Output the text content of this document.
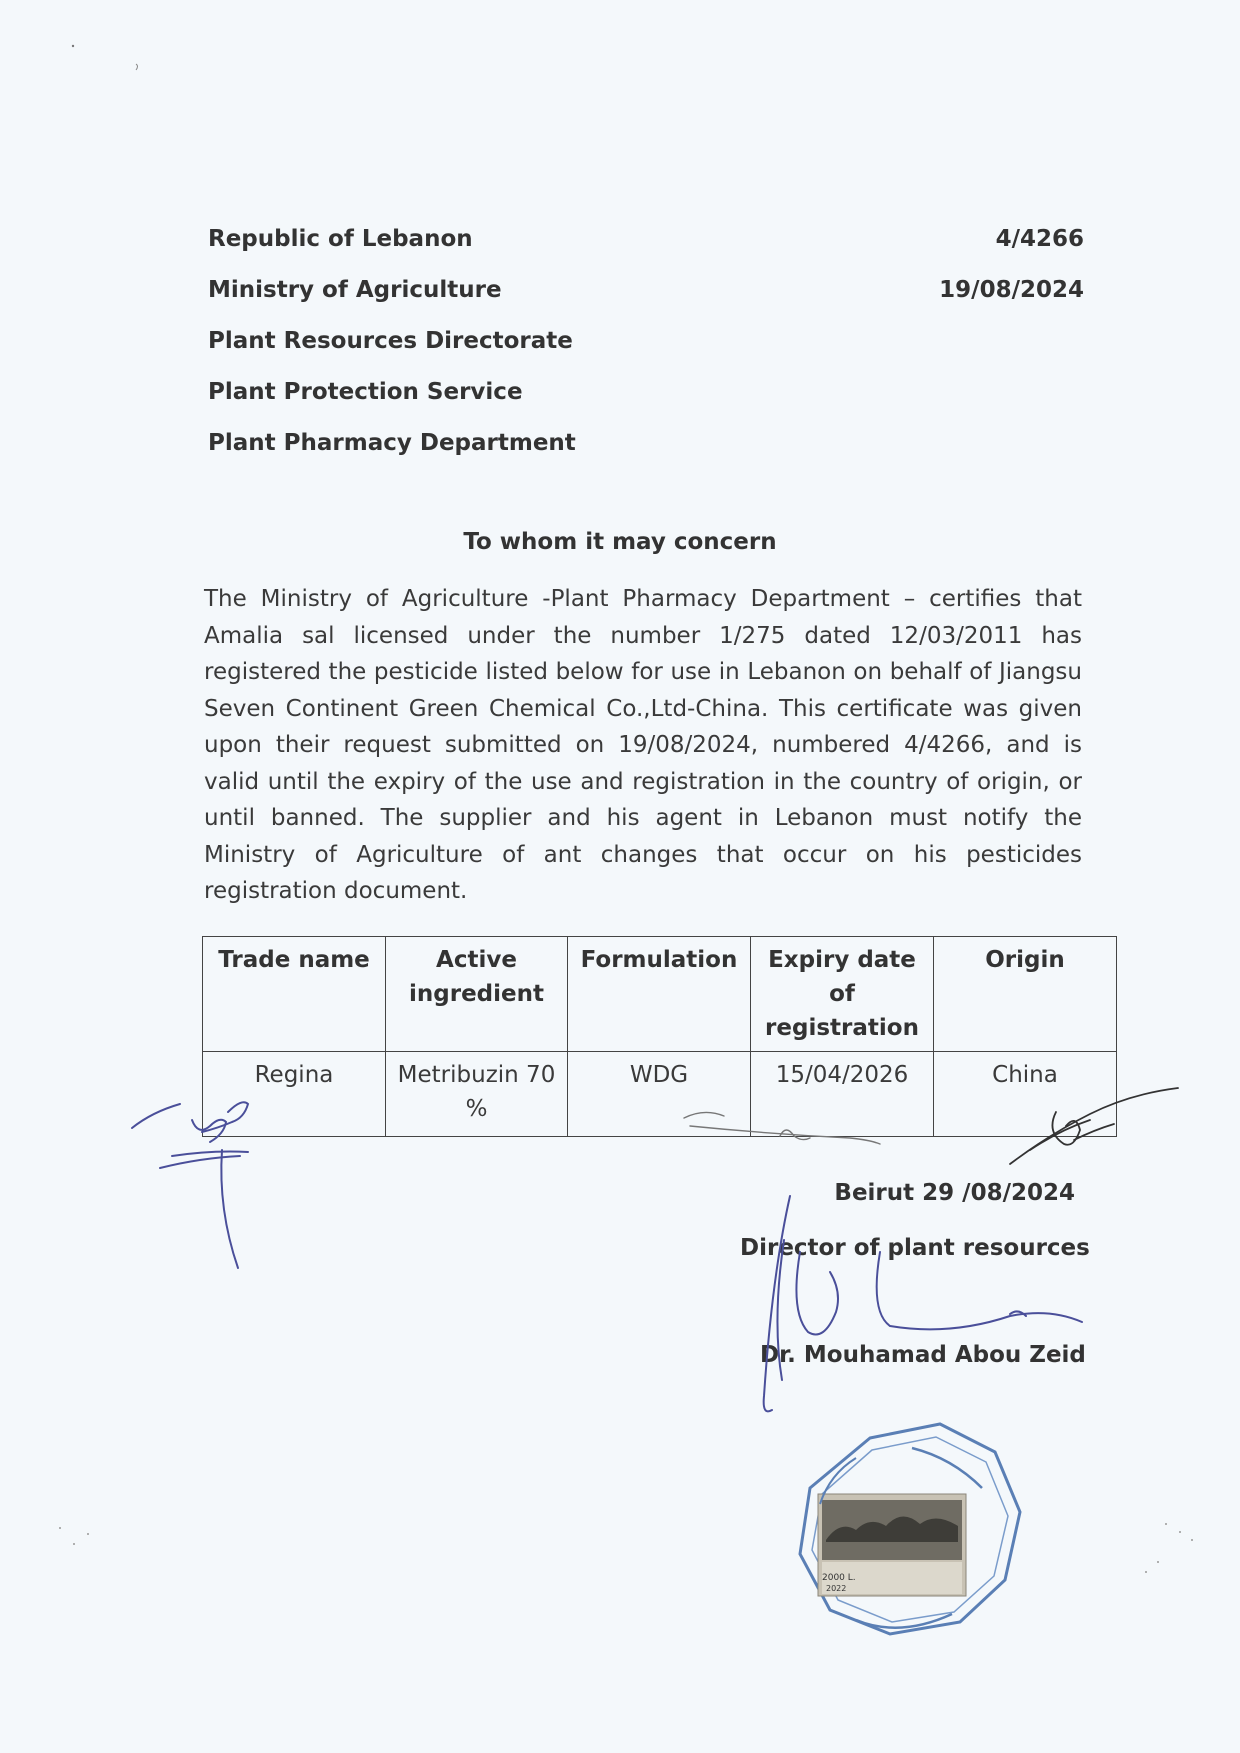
Republic of Lebanon
Ministry of Agriculture
Plant Resources Directorate
Plant Protection Service
Plant Pharmacy Department
4/4266
19/08/2024
To whom it may concern
The Ministry of Agriculture -Plant Pharmacy Department – certifies that Amalia sal licensed under the number 1/275 dated 12/03/2011 has registered the pesticide listed below for use in Lebanon on behalf of Jiangsu Seven Continent Green Chemical Co.,Ltd-China. This certificate was given upon their request submitted on 19/08/2024, numbered 4/4266, and is valid until the expiry of the use and registration in the country of origin, or until banned. The supplier and his agent in Lebanon must notify the Ministry of Agriculture of ant changes that occur on his pesticides registration document.
Trade name	Active ingredient	Formulation	Expiry date of registration	Origin
Regina	Metribuzin 70 %	WDG	15/04/2026	China
Beirut 29 /08/2024
Director of plant resources
Dr. Mouhamad Abou Zeid
2000 L.
2022
